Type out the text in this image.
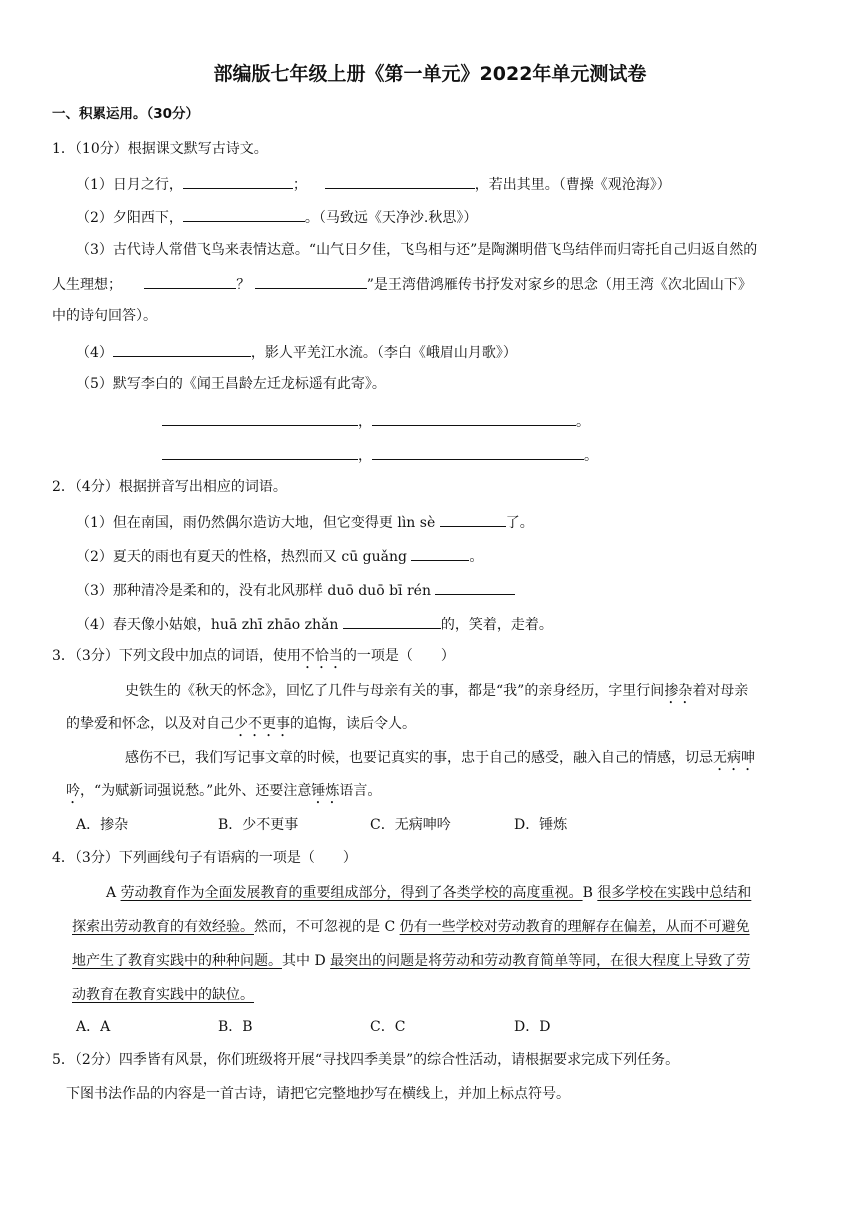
部编版七年级上册《第一单元》2022年单元测试卷
一、积累运用。（30分）
1．（10分）根据课文默写古诗文。
（1）日月之行，	；	，若出其里。（曹操《观沧海》）
（2）夕阳西下，	。（马致远《天净沙.秋思》）
（3）古代诗人常借飞鸟来表情达意。“山气日夕佳，飞鸟相与还”是陶渊明借飞鸟结伴而归寄托自己归返自然的
人生理想；	？	”是王湾借鸿雁传书抒发对家乡的思念（用王湾《次北固山下》
中的诗句回答）。
（4）	，影人平羌江水流。（李白《峨眉山月歌》）
（5）默写李白的《闻王昌龄左迁龙标遥有此寄》。
，	。
，	。
2．（4分）根据拼音写出相应的词语。
（1）但在南国，雨仍然偶尔造访大地，但它变得更 lìn sè	了。
（2）夏天的雨也有夏天的性格，热烈而又 cū guǎng	。
（3）那种清冷是柔和的，没有北风那样 duō duō bī rén
（4）春天像小姑娘，huā zhī zhāo zhǎn	的，笑着，走着。
3．（3分）下列文段中加点的词语，使用不恰当的一项是（　　）
史铁生的《秋天的怀念》，回忆了几件与母亲有关的事，都是“我”的亲身经历，字里行间掺杂着对母亲
的挚爱和怀念，以及对自己少不更事的追悔，读后令人。
感伤不已，我们写记事文章的时候，也要记真实的事，忠于自己的感受，融入自己的情感，切忌无病呻
吟，“为赋新词强说愁。”此外、还要注意锤炼语言。
A．掺杂	B．少不更事	C．无病呻吟	D．锤炼
4．（3分）下列画线句子有语病的一项是（　　）
A 劳动教育作为全面发展教育的重要组成部分，得到了各类学校的高度重视。B 很多学校在实践中总结和
探索出劳动教育的有效经验。然而，不可忽视的是 C 仍有一些学校对劳动教育的理解存在偏差，从而不可避免
地产生了教育实践中的种种问题。其中 D 最突出的问题是将劳动和劳动教育简单等同，在很大程度上导致了劳
动教育在教育实践中的缺位。
A．A	B．B	C．C	D．D
5．（2分）四季皆有风景，你们班级将开展“寻找四季美景”的综合性活动，请根据要求完成下列任务。
下图书法作品的内容是一首古诗，请把它完整地抄写在横线上，并加上标点符号。
